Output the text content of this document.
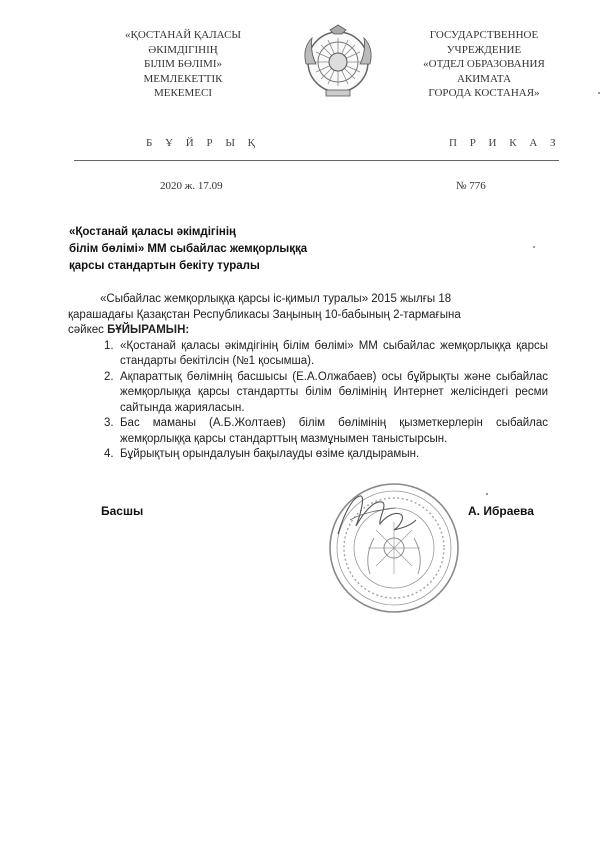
«ҚОСТАНАЙ ҚАЛАСЫ
ӘКІМДІГІНІҢ
БІЛІМ БӨЛІМІ»
МЕМЛЕКЕТТІК
МЕКЕМЕСІ
ГОСУДАРСТВЕННОЕ
УЧРЕЖДЕНИЕ
«ОТДЕЛ ОБРАЗОВАНИЯ
АКИМАТА
ГОРОДА КОСТАНАЯ»
Б Ұ Й Р Ы Қ	П Р И К А З
2020 ж. 17.09	№ 776
«Қостанай қаласы әкімдігінің
білім бөлімі» ММ сыбайлас жемқорлыққа
қарсы стандартын бекіту туралы

«Сыбайлас жемқорлыққа қарсы іс-қимыл туралы» 2015 жылғы 18
қарашадағы Қазақстан Республикасы Заңының 10-бабының 2-тармағына
сәйкес БҰЙЫРАМЫН:

1. «Қостанай қаласы әкімдігінің білім бөлімі» ММ сыбайлас жемқорлыққа қарсы стандарты бекітілсін (№1 қосымша).
2. Ақпараттық бөлімнің басшысы (Е.А.Олжабаев) осы бұйрықты және сыбайлас жемқорлыққа қарсы стандартты білім бөлімінің Интернет желісіндегі ресми сайтында жарияласын.
3. Бас маманы (А.Б.Жолтаев) білім бөлімінің қызметкерлерін сыбайлас жемқорлыққа қарсы стандарттың мазмұнымен таныстырсын.
4. Бұйрықтың орындалуын бақылауды өзіме қалдырамын.
Басшы	А. Ибраева
